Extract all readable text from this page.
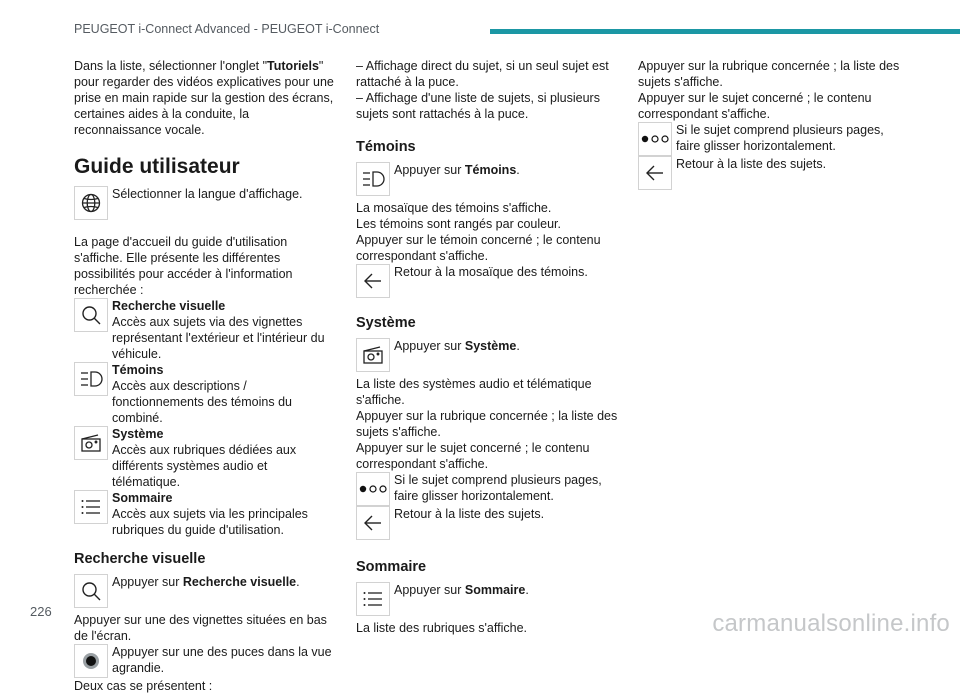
PEUGEOT i-Connect Advanced - PEUGEOT i-Connect

Dans la liste, sélectionner l'onglet "Tutoriels" pour regarder des vidéos explicatives pour une prise en main rapide sur la gestion des écrans, certaines aides à la conduite, la reconnaissance vocale.

Guide utilisateur
Sélectionner la langue d'affichage.

La page d'accueil du guide d'utilisation s'affiche. Elle présente les différentes possibilités pour accéder à l'information recherchée :

Recherche visuelle
Accès aux sujets via des vignettes représentant l'extérieur et l'intérieur du véhicule.
Témoins
Accès aux descriptions / fonctionnements des témoins du combiné.
Système
Accès aux rubriques dédiées aux différents systèmes audio et télématique.
Sommaire
Accès aux sujets via les principales rubriques du guide d'utilisation.
Recherche visuelle
Appuyer sur Recherche visuelle.

Appuyer sur une des vignettes situées en bas de l'écran.

Appuyer sur une des puces dans la vue agrandie.

Deux cas se présentent :

– Affichage direct du sujet, si un seul sujet est rattaché à la puce.

– Affichage d'une liste de sujets, si plusieurs sujets sont rattachés à la puce.

Témoins
Appuyer sur Témoins.

La mosaïque des témoins s'affiche.

Les témoins sont rangés par couleur.

Appuyer sur le témoin concerné ; le contenu correspondant s'affiche.

Retour à la mosaïque des témoins.
Système
Appuyer sur Système.

La liste des systèmes audio et télématique s'affiche.

Appuyer sur la rubrique concernée ; la liste des sujets s'affiche.

Appuyer sur le sujet concerné ; le contenu correspondant s'affiche.

Si le sujet comprend plusieurs pages, faire glisser horizontalement.
Retour à la liste des sujets.
Sommaire
Appuyer sur Sommaire.

La liste des rubriques s'affiche.

Appuyer sur la rubrique concernée ; la liste des sujets s'affiche.

Appuyer sur le sujet concerné ; le contenu correspondant s'affiche.

Si le sujet comprend plusieurs pages, faire glisser horizontalement.
Retour à la liste des sujets.
226	carmanualsonline.info
